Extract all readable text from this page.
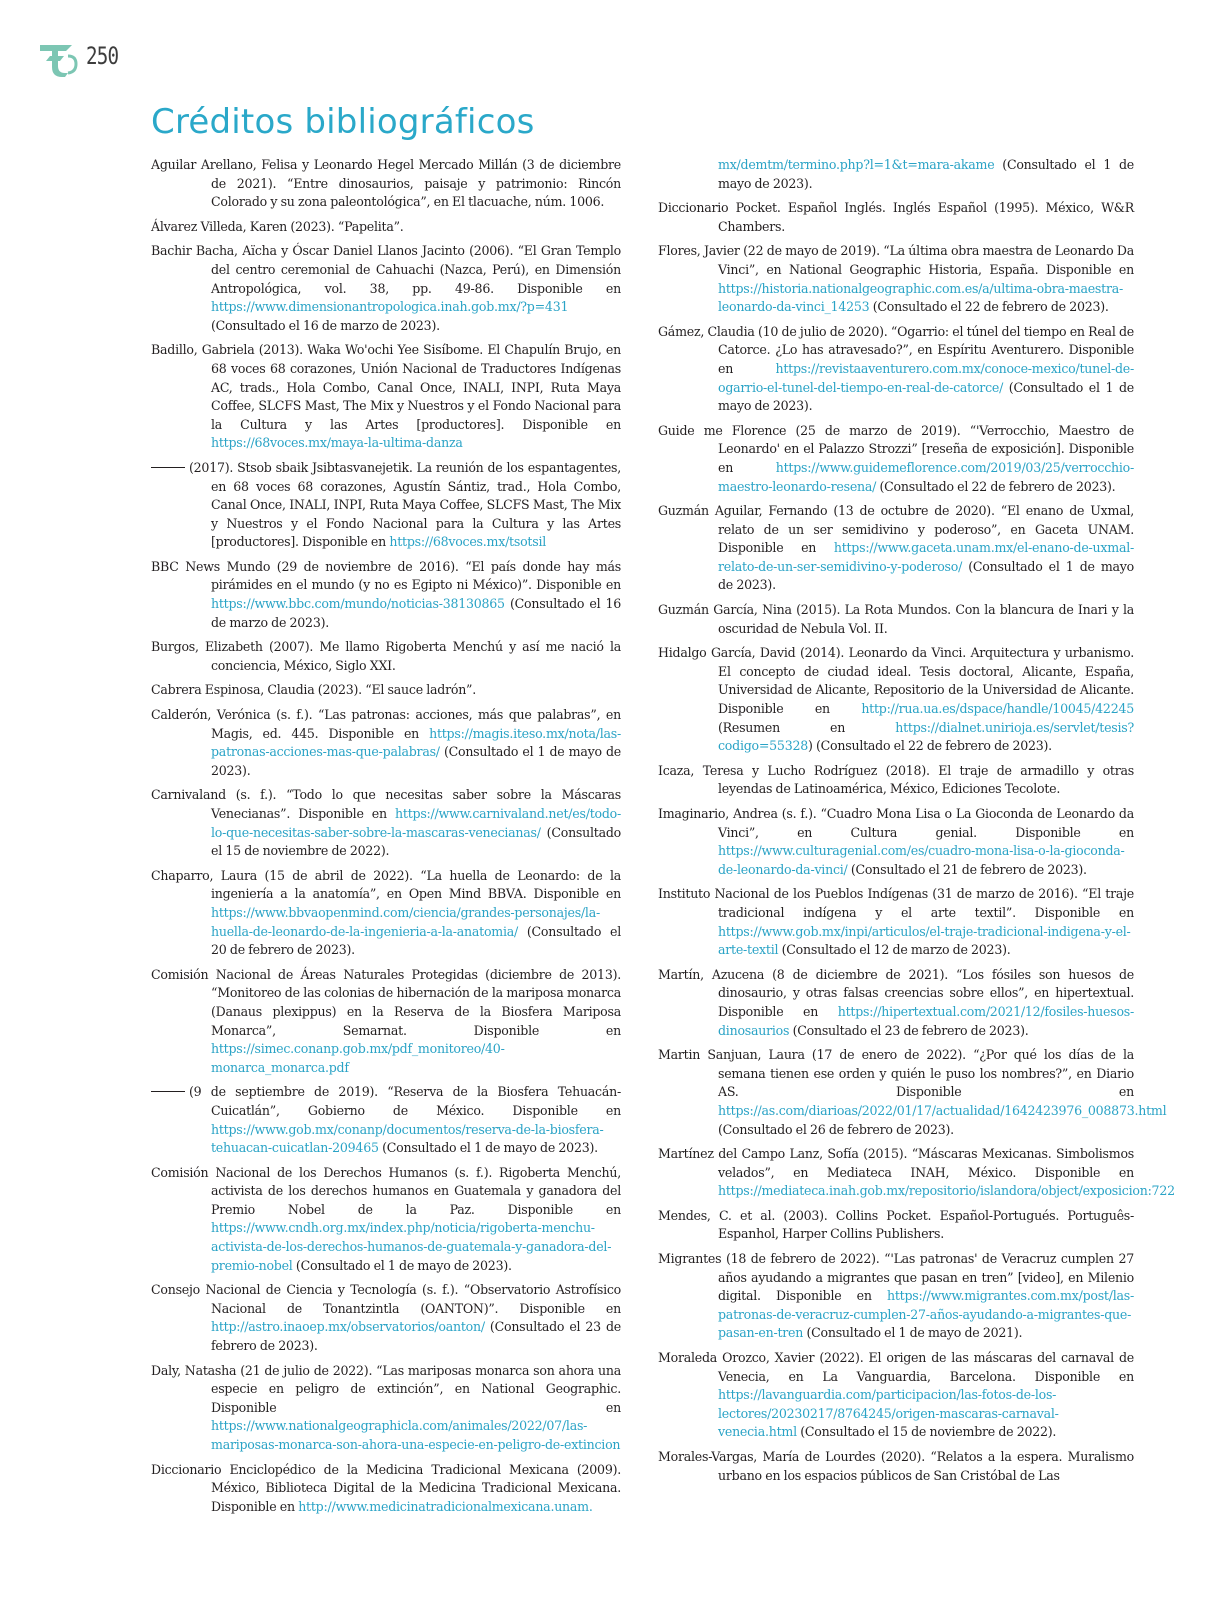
250
Créditos bibliográficos

Aguilar Arellano, Felisa y Leonardo Hegel Mercado Millán (3 de diciembre de 2021). “Entre dinosaurios, paisaje y patrimonio: Rincón Colorado y su zona paleontológica”, en El tlacuache, núm. 1006.

Álvarez Villeda, Karen (2023). “Papelita”.

Bachir Bacha, Aïcha y Óscar Daniel Llanos Jacinto (2006). “El Gran Templo del centro ceremonial de Cahuachi (Nazca, Perú), en Dimensión Antropológica, vol. 38, pp. 49-86. Disponible en https://www.dimensionantropologica.inah.gob.mx/?p=431 (Consultado el 16 de marzo de 2023).

Badillo, Gabriela (2013). Waka Wo'ochi Yee Sisíbome. El Chapulín Brujo, en 68 voces 68 corazones, Unión Nacional de Traductores Indígenas AC, trads., Hola Combo, Canal Once, INALI, INPI, Ruta Maya Coffee, SLCFS Mast, The Mix y Nuestros y el Fondo Nacional para la Cultura y las Artes [productores]. Disponible en https://68voces.mx/maya-la-ultima-danza

(2017). Stsob sbaik Jsibtasvanejetik. La reunión de los espantagentes, en 68 voces 68 corazones, Agustín Sántiz, trad., Hola Combo, Canal Once, INALI, INPI, Ruta Maya Coffee, SLCFS Mast, The Mix y Nuestros y el Fondo Nacional para la Cultura y las Artes [productores]. Disponible en https://68voces.mx/tsotsil

BBC News Mundo (29 de noviembre de 2016). “El país donde hay más pirámides en el mundo (y no es Egipto ni México)”. Disponible en https://www.bbc.com/mundo/noticias-38130865 (Consultado el 16 de marzo de 2023).

Burgos, Elizabeth (2007). Me llamo Rigoberta Menchú y así me nació la conciencia, México, Siglo XXI.

Cabrera Espinosa, Claudia (2023). “El sauce ladrón”.

Calderón, Verónica (s. f.). “Las patronas: acciones, más que palabras”, en Magis, ed. 445. Disponible en https://magis.iteso.mx/nota/las-patronas-acciones-mas-que-palabras/ (Consultado el 1 de mayo de 2023).

Carnivaland (s. f.). “Todo lo que necesitas saber sobre la Máscaras Venecianas”. Disponible en https://www.carnivaland.net/es/todo-lo-que-necesitas-saber-sobre-la-mascaras-venecianas/ (Consultado el 15 de noviembre de 2022).

Chaparro, Laura (15 de abril de 2022). “La huella de Leonardo: de la ingeniería a la anatomía”, en Open Mind BBVA. Disponible en https://www.bbvaopenmind.com/ciencia/grandes-personajes/la-huella-de-leonardo-de-la-ingenieria-a-la-anatomia/ (Consultado el 20 de febrero de 2023).

Comisión Nacional de Áreas Naturales Protegidas (diciembre de 2013). “Monitoreo de las colonias de hibernación de la mariposa monarca (Danaus plexippus) en la Reserva de la Biosfera Mariposa Monarca”, Semarnat. Disponible en https://simec.conanp.gob.mx/pdf_monitoreo/40-monarca_monarca.pdf

(9 de septiembre de 2019). “Reserva de la Biosfera Tehuacán-Cuicatlán”, Gobierno de México. Disponible en https://www.gob.mx/conanp/documentos/reserva-de-la-biosfera-tehuacan-cuicatlan-209465 (Consultado el 1 de mayo de 2023).

Comisión Nacional de los Derechos Humanos (s. f.). Rigoberta Menchú, activista de los derechos humanos en Guatemala y ganadora del Premio Nobel de la Paz. Disponible en https://www.cndh.org.mx/index.php/noticia/rigoberta-menchu-activista-de-los-derechos-humanos-de-guatemala-y-ganadora-del-premio-nobel (Consultado el 1 de mayo de 2023).

Consejo Nacional de Ciencia y Tecnología (s. f.). “Observatorio Astrofísico Nacional de Tonantzintla (OANTON)”. Disponible en http://astro.inaoep.mx/observatorios/oanton/ (Consultado el 23 de febrero de 2023).

Daly, Natasha (21 de julio de 2022). “Las mariposas monarca son ahora una especie en peligro de extinción”, en National Geographic. Disponible en https://www.nationalgeographicla.com/animales/2022/07/las-mariposas-monarca-son-ahora-una-especie-en-peligro-de-extincion

Diccionario Enciclopédico de la Medicina Tradicional Mexicana (2009). México, Biblioteca Digital de la Medicina Tradicional Mexicana. Disponible en http://www.medicinatradicionalmexicana.unam.

mx/demtm/termino.php?l=1&t=mara-akame (Consultado el 1 de mayo de 2023).

Diccionario Pocket. Español Inglés. Inglés Español (1995). México, W&R Chambers.

Flores, Javier (22 de mayo de 2019). “La última obra maestra de Leonardo Da Vinci”, en National Geographic Historia, España. Disponible en https://historia.nationalgeographic.com.es/a/ultima-obra-maestra-leonardo-da-vinci_14253 (Consultado el 22 de febrero de 2023).

Gámez, Claudia (10 de julio de 2020). “Ogarrio: el túnel del tiempo en Real de Catorce. ¿Lo has atravesado?”, en Espíritu Aventurero. Disponible en https://revistaaventurero.com.mx/conoce-mexico/tunel-de-ogarrio-el-tunel-del-tiempo-en-real-de-catorce/ (Consultado el 1 de mayo de 2023).

Guide me Florence (25 de marzo de 2019). “'Verrocchio, Maestro de Leonardo' en el Palazzo Strozzi” [reseña de exposición]. Disponible en https://www.guidemeflorence.com/2019/03/25/verrocchio-maestro-leonardo-resena/ (Consultado el 22 de febrero de 2023).

Guzmán Aguilar, Fernando (13 de octubre de 2020). “El enano de Uxmal, relato de un ser semidivino y poderoso”, en Gaceta UNAM. Disponible en https://www.gaceta.unam.mx/el-enano-de-uxmal-relato-de-un-ser-semidivino-y-poderoso/ (Consultado el 1 de mayo de 2023).

Guzmán García, Nina (2015). La Rota Mundos. Con la blancura de Inari y la oscuridad de Nebula Vol. II.

Hidalgo García, David (2014). Leonardo da Vinci. Arquitectura y urbanismo. El concepto de ciudad ideal. Tesis doctoral, Alicante, España, Universidad de Alicante, Repositorio de la Universidad de Alicante. Disponible en http://rua.ua.es/dspace/handle/10045/42245 (Resumen en https://dialnet.unirioja.es/servlet/tesis?codigo=55328) (Consultado el 22 de febrero de 2023).

Icaza, Teresa y Lucho Rodríguez (2018). El traje de armadillo y otras leyendas de Latinoamérica, México, Ediciones Tecolote.

Imaginario, Andrea (s. f.). “Cuadro Mona Lisa o La Gioconda de Leonardo da Vinci”, en Cultura genial. Disponible en https://www.culturagenial.com/es/cuadro-mona-lisa-o-la-gioconda-de-leonardo-da-vinci/ (Consultado el 21 de febrero de 2023).

Instituto Nacional de los Pueblos Indígenas (31 de marzo de 2016). “El traje tradicional indígena y el arte textil”. Disponible en https://www.gob.mx/inpi/articulos/el-traje-tradicional-indigena-y-el-arte-textil (Consultado el 12 de marzo de 2023).

Martín, Azucena (8 de diciembre de 2021). “Los fósiles son huesos de dinosaurio, y otras falsas creencias sobre ellos”, en hipertextual. Disponible en https://hipertextual.com/2021/12/fosiles-huesos-dinosaurios (Consultado el 23 de febrero de 2023).

Martin Sanjuan, Laura (17 de enero de 2022). “¿Por qué los días de la semana tienen ese orden y quién le puso los nombres?”, en Diario AS. Disponible en https://as.com/diarioas/2022/01/17/actualidad/1642423976_008873.html (Consultado el 26 de febrero de 2023).

Martínez del Campo Lanz, Sofía (2015). “Máscaras Mexicanas. Simbolismos velados”, en Mediateca INAH, México. Disponible en https://mediateca.inah.gob.mx/repositorio/islandora/object/exposicion:722

Mendes, C. et al. (2003). Collins Pocket. Español-Portugués. Português-Espanhol, Harper Collins Publishers.

Migrantes (18 de febrero de 2022). “'Las patronas' de Veracruz cumplen 27 años ayudando a migrantes que pasan en tren” [video], en Milenio digital. Disponible en https://www.migrantes.com.mx/post/las-patronas-de-veracruz-cumplen-27-años-ayudando-a-migrantes-que-pasan-en-tren (Consultado el 1 de mayo de 2021).

Moraleda Orozco, Xavier (2022). El origen de las máscaras del carnaval de Venecia, en La Vanguardia, Barcelona. Disponible en https://lavanguardia.com/participacion/las-fotos-de-los-lectores/20230217/8764245/origen-mascaras-carnaval-venecia.html (Consultado el 15 de noviembre de 2022).

Morales-Vargas, María de Lourdes (2020). “Relatos a la espera. Muralismo urbano en los espacios públicos de San Cristóbal de Las
